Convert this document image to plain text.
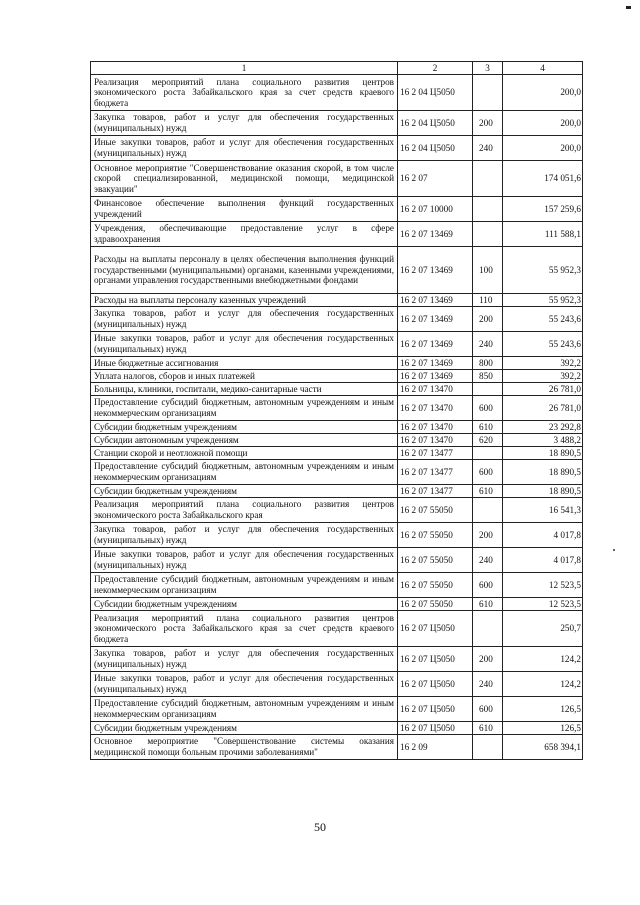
1	2	3	4
Реализация мероприятий плана социального развития центров экономического роста Забайкальского края за счет средств краевого бюджета	16 2 04 Ц5050		200,0
Закупка товаров, работ и услуг для обеспечения государственных (муниципальных) нужд	16 2 04 Ц5050	200	200,0
Иные закупки товаров, работ и услуг для обеспечения государственных (муниципальных) нужд	16 2 04 Ц5050	240	200,0
Основное мероприятие "Совершенствование оказания скорой, в том числе скорой специализированной, медицинской помощи, медицинской эвакуации"	16 2 07		174 051,6
Финансовое обеспечение выполнения функций государственных учреждений	16 2 07 10000		157 259,6
Учреждения, обеспечивающие предоставление услуг в сфере здравоохранения	16 2 07 13469		111 588,1
Расходы на выплаты персоналу в целях обеспечения выполнения функций государственными (муниципальными) органами, казенными учреждениями, органами управления государственными внебюджетными фондами	16 2 07 13469	100	55 952,3
Расходы на выплаты персоналу казенных учреждений	16 2 07 13469	110	55 952,3
Закупка товаров, работ и услуг для обеспечения государственных (муниципальных) нужд	16 2 07 13469	200	55 243,6
Иные закупки товаров, работ и услуг для обеспечения государственных (муниципальных) нужд	16 2 07 13469	240	55 243,6
Иные бюджетные ассигнования	16 2 07 13469	800	392,2
Уплата налогов, сборов и иных платежей	16 2 07 13469	850	392,2
Больницы, клиники, госпитали, медико-санитарные части	16 2 07 13470		26 781,0
Предоставление субсидий бюджетным, автономным учреждениям и иным некоммерческим организациям	16 2 07 13470	600	26 781,0
Субсидии бюджетным учреждениям	16 2 07 13470	610	23 292,8
Субсидии автономным учреждениям	16 2 07 13470	620	3 488,2
Станции скорой и неотложной помощи	16 2 07 13477		18 890,5
Предоставление субсидий бюджетным, автономным учреждениям и иным некоммерческим организациям	16 2 07 13477	600	18 890,5
Субсидии бюджетным учреждениям	16 2 07 13477	610	18 890,5
Реализация мероприятий плана социального развития центров экономического роста Забайкальского края	16 2 07 55050		16 541,3
Закупка товаров, работ и услуг для обеспечения государственных (муниципальных) нужд	16 2 07 55050	200	4 017,8
Иные закупки товаров, работ и услуг для обеспечения государственных (муниципальных) нужд	16 2 07 55050	240	4 017,8
Предоставление субсидий бюджетным, автономным учреждениям и иным некоммерческим организациям	16 2 07 55050	600	12 523,5
Субсидии бюджетным учреждениям	16 2 07 55050	610	12 523,5
Реализация мероприятий плана социального развития центров экономического роста Забайкальского края за счет средств краевого бюджета	16 2 07 Ц5050		250,7
Закупка товаров, работ и услуг для обеспечения государственных (муниципальных) нужд	16 2 07 Ц5050	200	124,2
Иные закупки товаров, работ и услуг для обеспечения государственных (муниципальных) нужд	16 2 07 Ц5050	240	124,2
Предоставление субсидий бюджетным, автономным учреждениям и иным некоммерческим организациям	16 2 07 Ц5050	600	126,5
Субсидии бюджетным учреждениям	16 2 07 Ц5050	610	126,5
Основное мероприятие "Совершенствование системы оказания медицинской помощи больным прочими заболеваниями"	16 2 09		658 394,1
50
